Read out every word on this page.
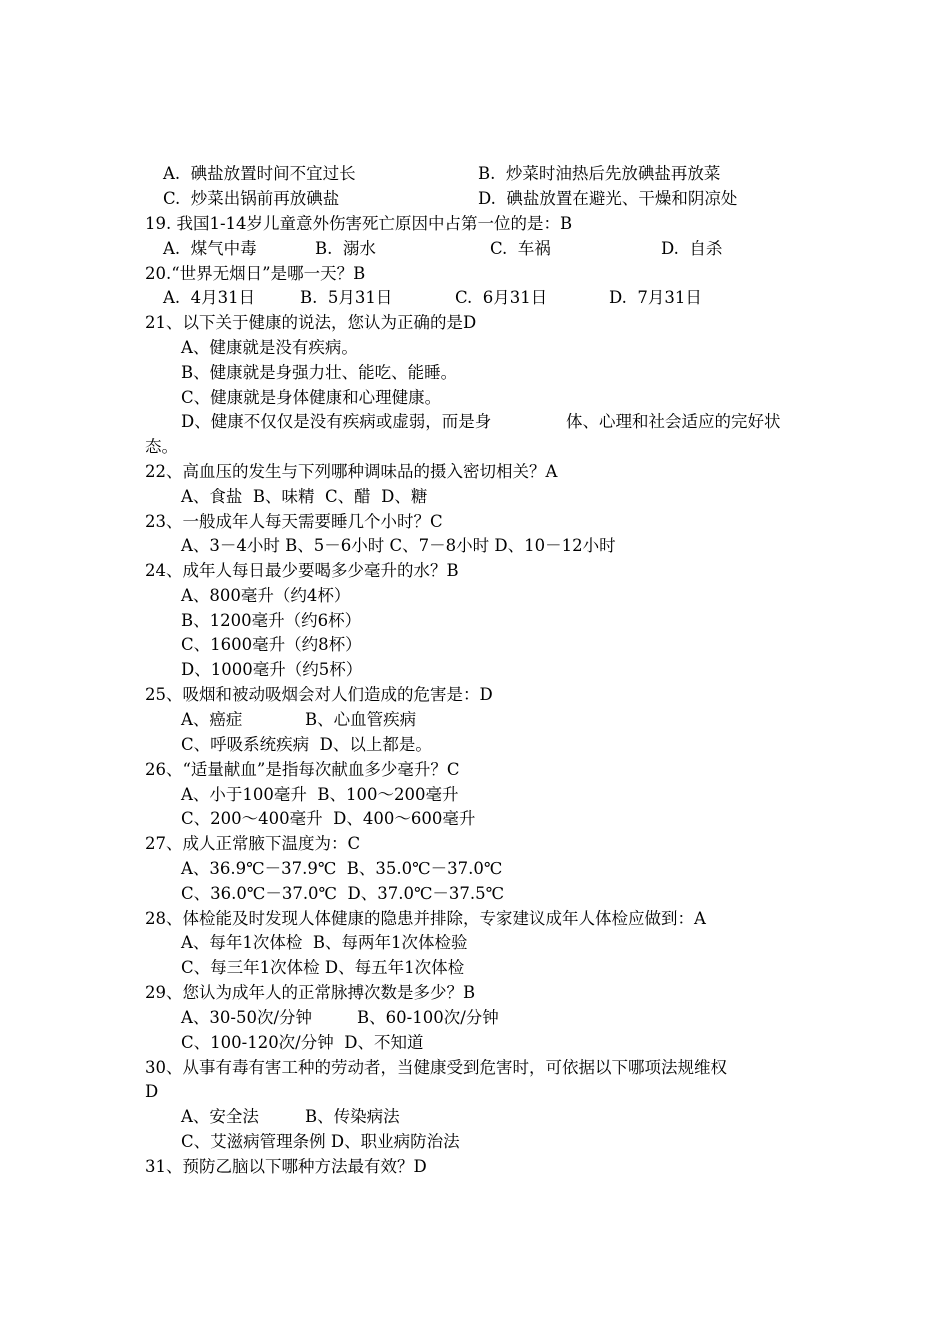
A.  碘盐放置时间不宜过长	B.  炒菜时油热后先放碘盐再放菜
C.  炒菜出锅前再放碘盐	D.  碘盐放置在避光、干燥和阴凉处
19. 我国1-14岁儿童意外伤害死亡原因中占第一位的是：B
A.  煤气中毒	B.  溺水	C.  车祸	D.  自杀
20.“世界无烟日”是哪一天？B
A.  4月31日	B.  5月31日	C.  6月31日	D.  7月31日
21、以下关于健康的说法，您认为正确的是D
A、健康就是没有疾病。
B、健康就是身强力壮、能吃、能睡。
C、健康就是身体健康和心理健康。
D、健康不仅仅是没有疾病或虚弱，而是身	体、心理和社会适应的完好状
态。
22、高血压的发生与下列哪种调味品的摄入密切相关？A
A、食盐  B、味精  C、醋  D、糖
23、一般成年人每天需要睡几个小时？C
A、3－4小时 B、5－6小时 C、7－8小时 D、10－12小时
24、成年人每日最少要喝多少毫升的水？B
A、800毫升（约4杯）
B、1200毫升（约6杯）
C、1600毫升（约8杯）
D、1000毫升（约5杯）
25、吸烟和被动吸烟会对人们造成的危害是：D
A、癌症	B、心血管疾病
C、呼吸系统疾病  D、以上都是。
26、“适量献血”是指每次献血多少毫升？C
A、小于100毫升  B、100～200毫升
C、200～400毫升  D、400～600毫升
27、成人正常腋下温度为：C
A、36.9℃－37.9℃  B、35.0℃－37.0℃
C、36.0℃－37.0℃  D、37.0℃－37.5℃
28、体检能及时发现人体健康的隐患并排除，专家建议成年人体检应做到：A
A、每年1次体检  B、每两年1次体检验
C、每三年1次体检 D、每五年1次体检
29、您认为成年人的正常脉搏次数是多少？B
A、30-50次/分钟	B、60-100次/分钟
C、100-120次/分钟  D、不知道
30、从事有毒有害工种的劳动者，当健康受到危害时，可依据以下哪项法规维权
D
A、安全法	B、传染病法
C、艾滋病管理条例 D、职业病防治法
31、预防乙脑以下哪种方法最有效？D
